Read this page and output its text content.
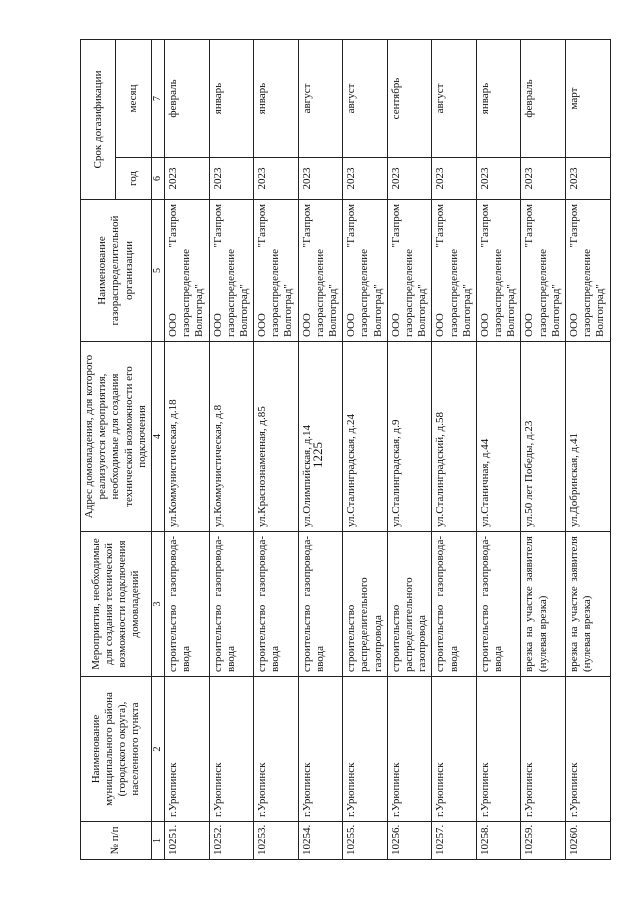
1225
№ п/п	Наименование муниципального района (городского округа), населенного пункта	Мероприятия, необходимые для создания технической возможности подключения домовладений	Адрес домовладения, для которого реализуются мероприятия, необходимые для создания технической возможности его подключения	Наименование газораспределительной организации	Срок догазификации	
					год	месяц
1	2	3	4	5	6	7
10251.	г.Урюпинск	строительство газопровода-ввода	ул.Коммунистическая, д.18	ООО "Газпром газораспределение Волгоград"	2023	февраль
10252.	г.Урюпинск	строительство газопровода-ввода	ул.Коммунистическая, д.8	ООО "Газпром газораспределение Волгоград"	2023	январь
10253.	г.Урюпинск	строительство газопровода-ввода	ул.Краснознаменная, д.85	ООО "Газпром газораспределение Волгоград"	2023	январь
10254.	г.Урюпинск	строительство газопровода-ввода	ул.Олимпийская, д.14	ООО "Газпром газораспределение Волгоград"	2023	август
10255.	г.Урюпинск	строительство распределительного газопровода	ул.Сталинградская, д.24	ООО "Газпром газораспределение Волгоград"	2023	август
10256.	г.Урюпинск	строительство распределительного газопровода	ул.Сталинградская, д.9	ООО "Газпром газораспределение Волгоград"	2023	сентябрь
10257.	г.Урюпинск	строительство газопровода-ввода	ул.Сталинградский, д.58	ООО "Газпром газораспределение Волгоград"	2023	август
10258.	г.Урюпинск	строительство газопровода-ввода	ул.Станичная, д.44	ООО "Газпром газораспределение Волгоград"	2023	январь
10259.	г.Урюпинск	врезка на участке заявителя (нулевая врезка)	ул.50 лет Победы, д.23	ООО "Газпром газораспределение Волгоград"	2023	февраль
10260.	г.Урюпинск	врезка на участке заявителя (нулевая врезка)	ул.Добринская, д.41	ООО "Газпром газораспределение Волгоград"	2023	март
